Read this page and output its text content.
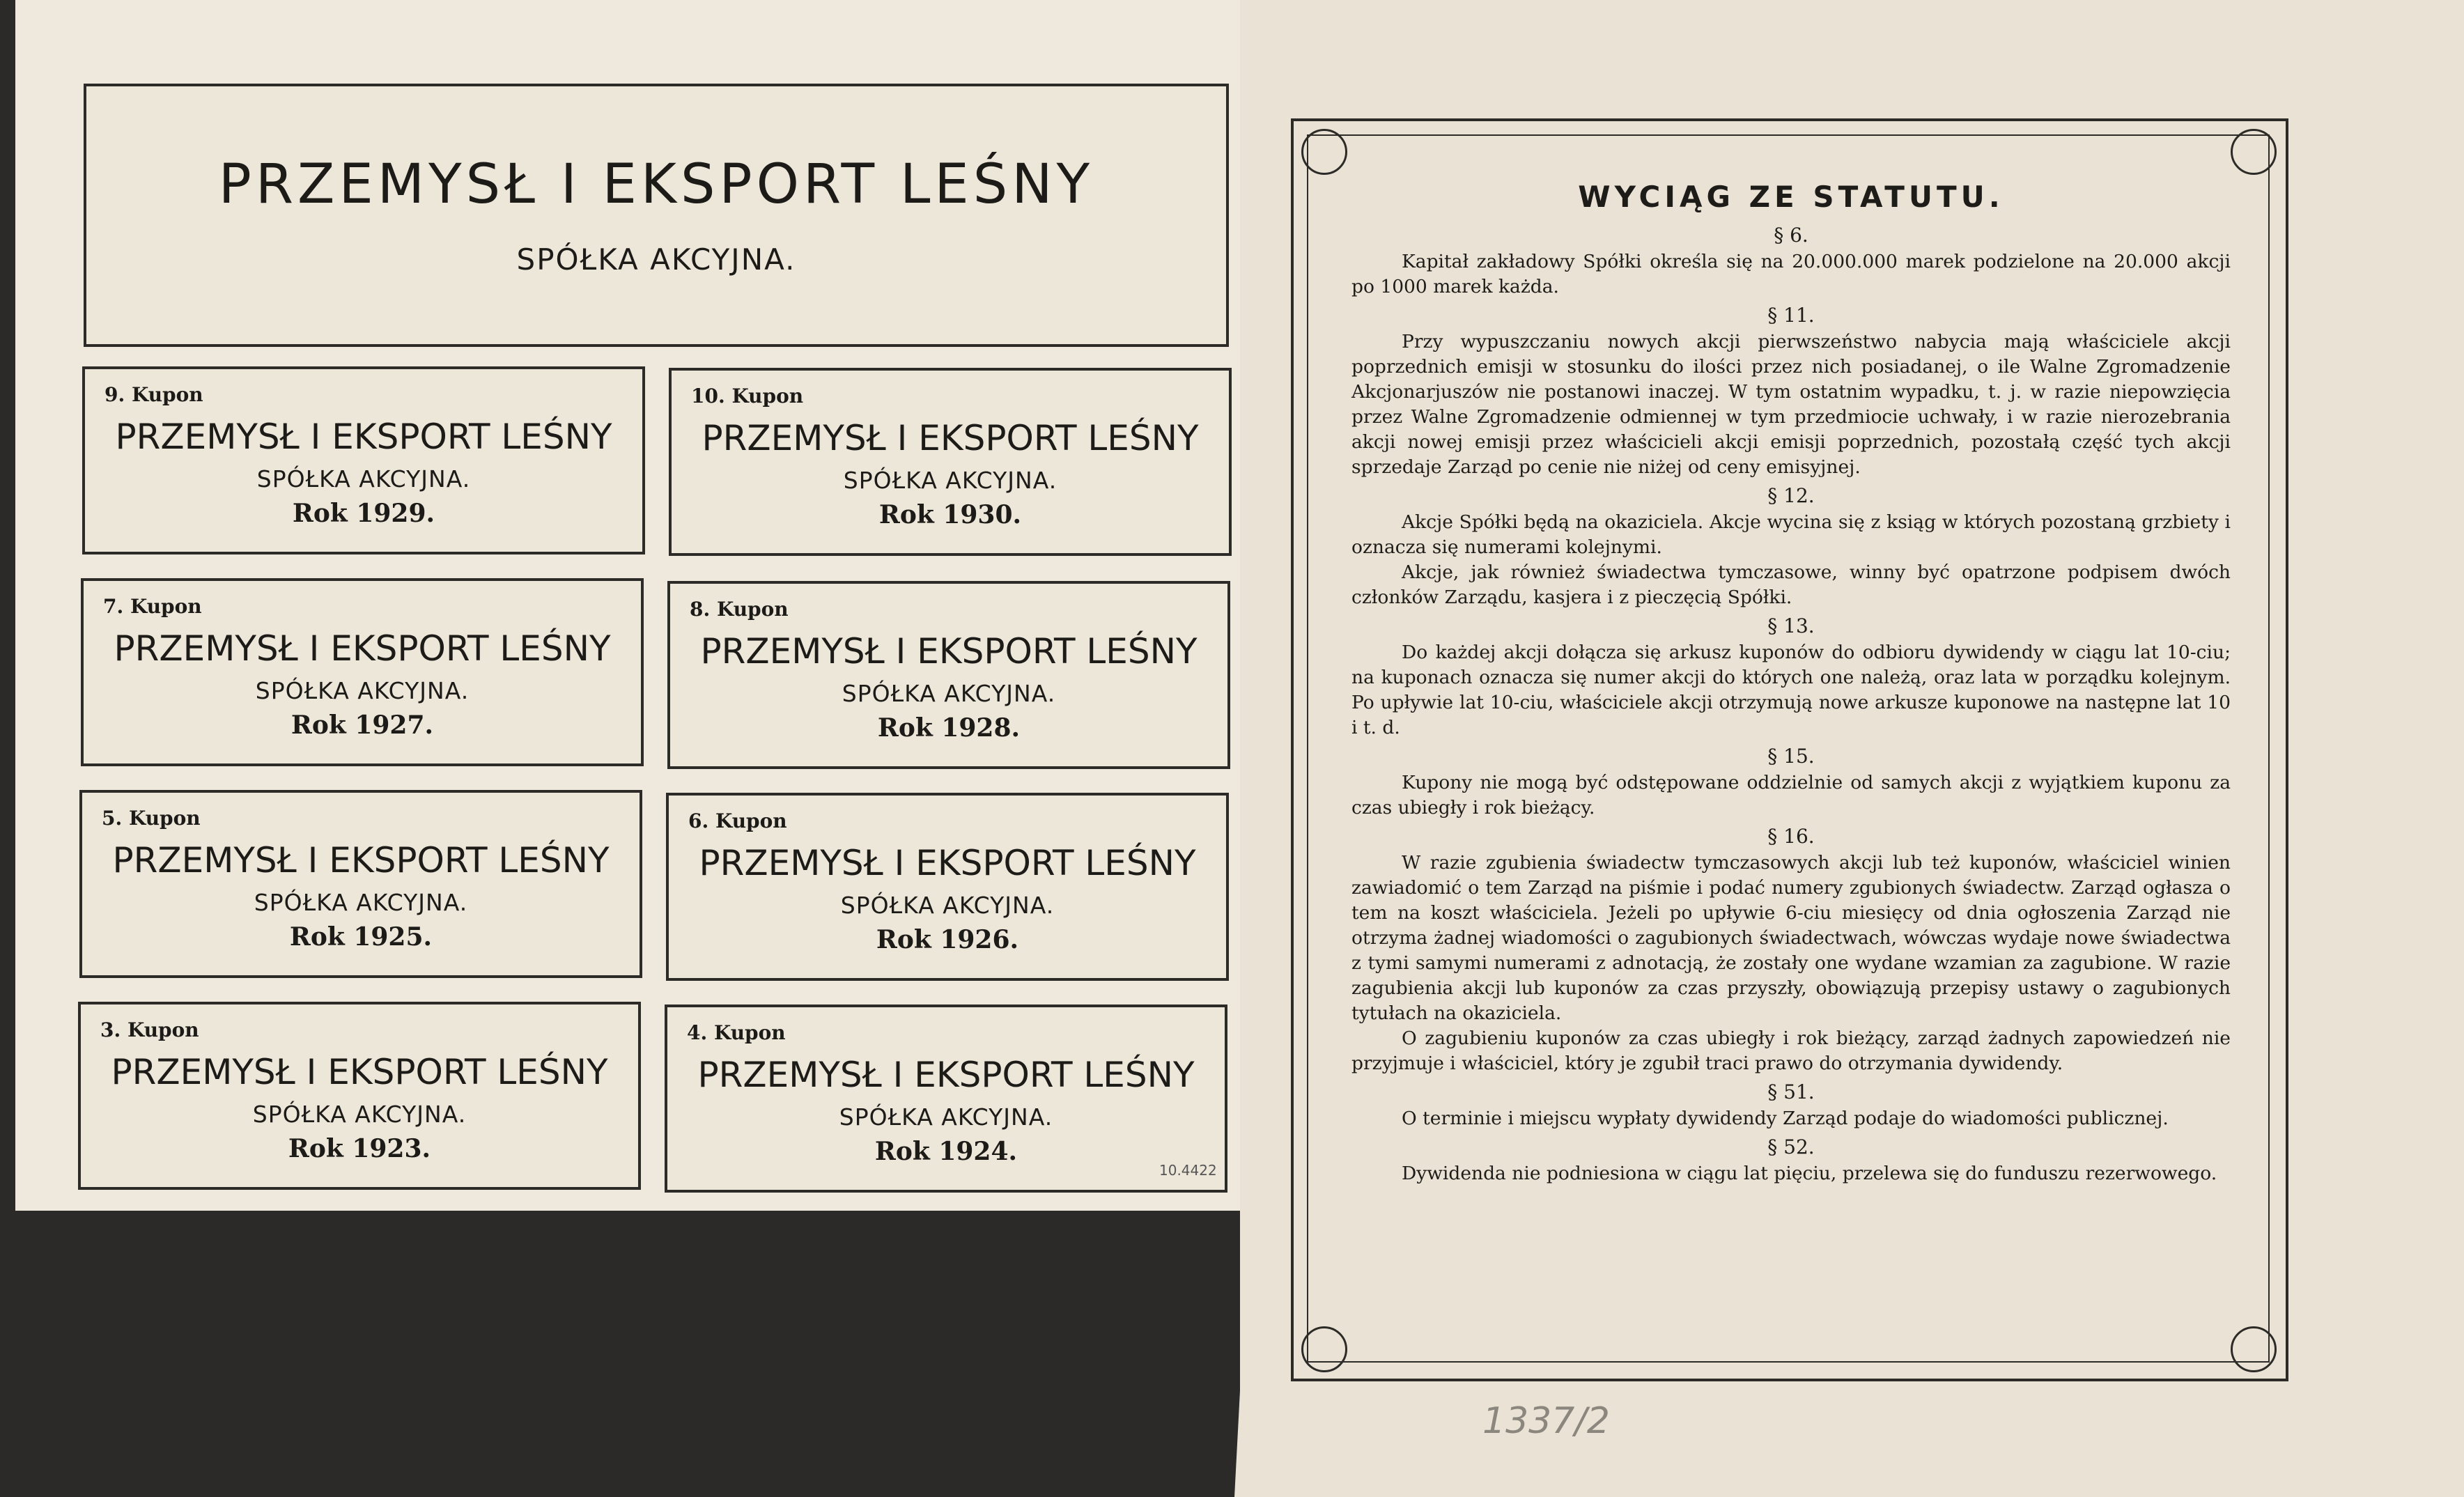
PRZEMYSŁ I EKSPORT LEŚNY
SPÓŁKA AKCYJNA.
9. Kupon
PRZEMYSŁ I EKSPORT LEŚNY
SPÓŁKA AKCYJNA.
Rok 1929.
10. Kupon
PRZEMYSŁ I EKSPORT LEŚNY
SPÓŁKA AKCYJNA.
Rok 1930.
7. Kupon
PRZEMYSŁ I EKSPORT LEŚNY
SPÓŁKA AKCYJNA.
Rok 1927.
8. Kupon
PRZEMYSŁ I EKSPORT LEŚNY
SPÓŁKA AKCYJNA.
Rok 1928.
5. Kupon
PRZEMYSŁ I EKSPORT LEŚNY
SPÓŁKA AKCYJNA.
Rok 1925.
6. Kupon
PRZEMYSŁ I EKSPORT LEŚNY
SPÓŁKA AKCYJNA.
Rok 1926.
3. Kupon
PRZEMYSŁ I EKSPORT LEŚNY
SPÓŁKA AKCYJNA.
Rok 1923.
4. Kupon
PRZEMYSŁ I EKSPORT LEŚNY
SPÓŁKA AKCYJNA.
Rok 1924.
10.4422
WYCIĄG ZE STATUTU.
§ 6.

Kapitał zakładowy Spółki określa się na 20.000.000 marek podzielone na 20.000 akcji po 1000 marek każda.

§ 11.

Przy wypuszczaniu nowych akcji pierwszeństwo nabycia mają właściciele akcji poprzednich emisji w stosunku do ilości przez nich posiadanej, o ile Walne Zgromadzenie Akcjonarjuszów nie postanowi inaczej. W tym ostatnim wypadku, t. j. w razie niepowzięcia przez Walne Zgromadzenie odmiennej w tym przedmiocie uchwały, i w razie nierozebrania akcji nowej emisji przez właścicieli akcji emisji poprzednich, pozostałą część tych akcji sprzedaje Zarząd po cenie nie niżej od ceny emisyjnej.

§ 12.

Akcje Spółki będą na okaziciela. Akcje wycina się z ksiąg w których pozostaną grzbiety i oznacza się numerami kolejnymi.

Akcje, jak również świadectwa tymczasowe, winny być opatrzone podpisem dwóch członków Zarządu, kasjera i z pieczęcią Spółki.

§ 13.

Do każdej akcji dołącza się arkusz kuponów do odbioru dywidendy w ciągu lat 10-ciu; na kuponach oznacza się numer akcji do których one należą, oraz lata w porządku kolejnym. Po upływie lat 10-ciu, właściciele akcji otrzymują nowe arkusze kuponowe na następne lat 10 i t. d.

§ 15.

Kupony nie mogą być odstępowane oddzielnie od samych akcji z wyjątkiem kuponu za czas ubiegły i rok bieżący.

§ 16.

W razie zgubienia świadectw tymczasowych akcji lub też kuponów, właściciel winien zawiadomić o tem Zarząd na piśmie i podać numery zgubionych świadectw. Zarząd ogłasza o tem na koszt właściciela. Jeżeli po upływie 6-ciu miesięcy od dnia ogłoszenia Zarząd nie otrzyma żadnej wiadomości o zagubionych świadectwach, wówczas wydaje nowe świadectwa z tymi samymi numerami z adnotacją, że zostały one wydane wzamian za zagubione. W razie zagubienia akcji lub kuponów za czas przyszły, obowiązują przepisy ustawy o zagubionych tytułach na okaziciela.

O zagubieniu kuponów za czas ubiegły i rok bieżący, zarząd żadnych zapowiedzeń nie przyjmuje i właściciel, który je zgubił traci prawo do otrzymania dywidendy.

§ 51.

O terminie i miejscu wypłaty dywidendy Zarząd podaje do wiadomości publicznej.

§ 52.

Dywidenda nie podniesiona w ciągu lat pięciu, przelewa się do funduszu rezerwowego.

1337/2
